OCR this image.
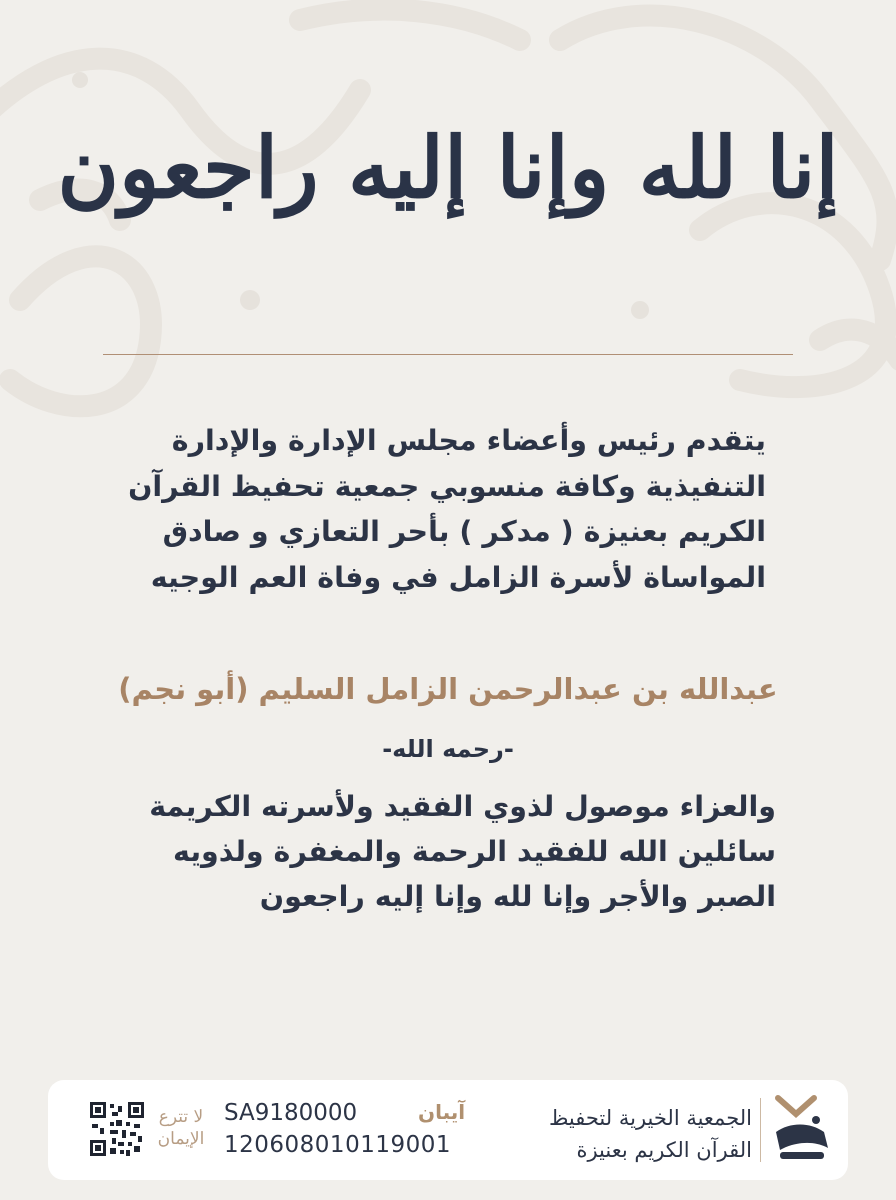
إنا لله وإنا إليه راجعون
يتقدم رئيس وأعضاء مجلس الإدارة والإدارة التنفيذية وكافة منسوبي جمعية تحفيظ القرآن الكريم بعنيزة ( مدكر ) بأحر التعازي و صادق المواساة لأسرة الزامل في وفاة العم الوجيه
عبدالله بن عبدالرحمن الزامل السليم (أبو نجم)
-رحمه الله-
والعزاء موصول لذوي الفقيد ولأسرته الكريمة سائلين الله للفقيد الرحمة والمغفرة ولذويه الصبر والأجر وإنا لله وإنا إليه راجعون
الجمعية الخيرية لتحفيظ
القرآن الكريم بعنيزة
آيبان
SA9180000
120608010119001
لا تترع الإيمان
